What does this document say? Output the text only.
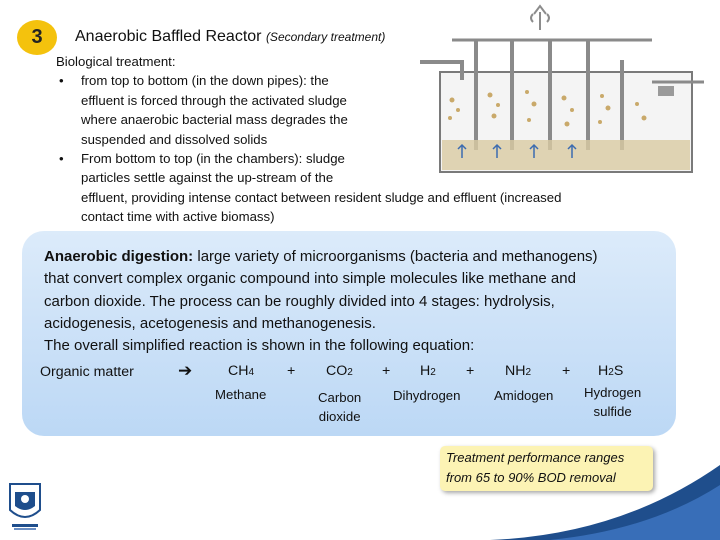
3 Anaerobic Baffled Reactor (Secondary treatment)
Biological treatment:
• from top to bottom (in the down pipes): the
effluent is forced through the activated sludge
where anaerobic bacterial mass degrades the
suspended and dissolved solids
• From bottom to top (in the chambers): sludge
particles settle against the up-stream of the
effluent, providing intense contact between resident sludge and effluent (increased
contact time with active biomass)
Anaerobic digestion: large variety of microorganisms (bacteria and methanogens)
that convert complex organic compound into simple molecules like methane and
carbon dioxide. The process can be roughly divided into 4 stages: hydrolysis,
acidogenesis, acetogenesis and methanogenesis.
The overall simplified reaction is shown in the following equation:
Organic matter	➔	CH4
Methane
+ CO2
Carbon
dioxide
+ H2
Dihydrogen
+ NH2
Amidogen
+ H2S
Hydrogen
sulfide
Treatment performance ranges
from 65 to 90% BOD removal
